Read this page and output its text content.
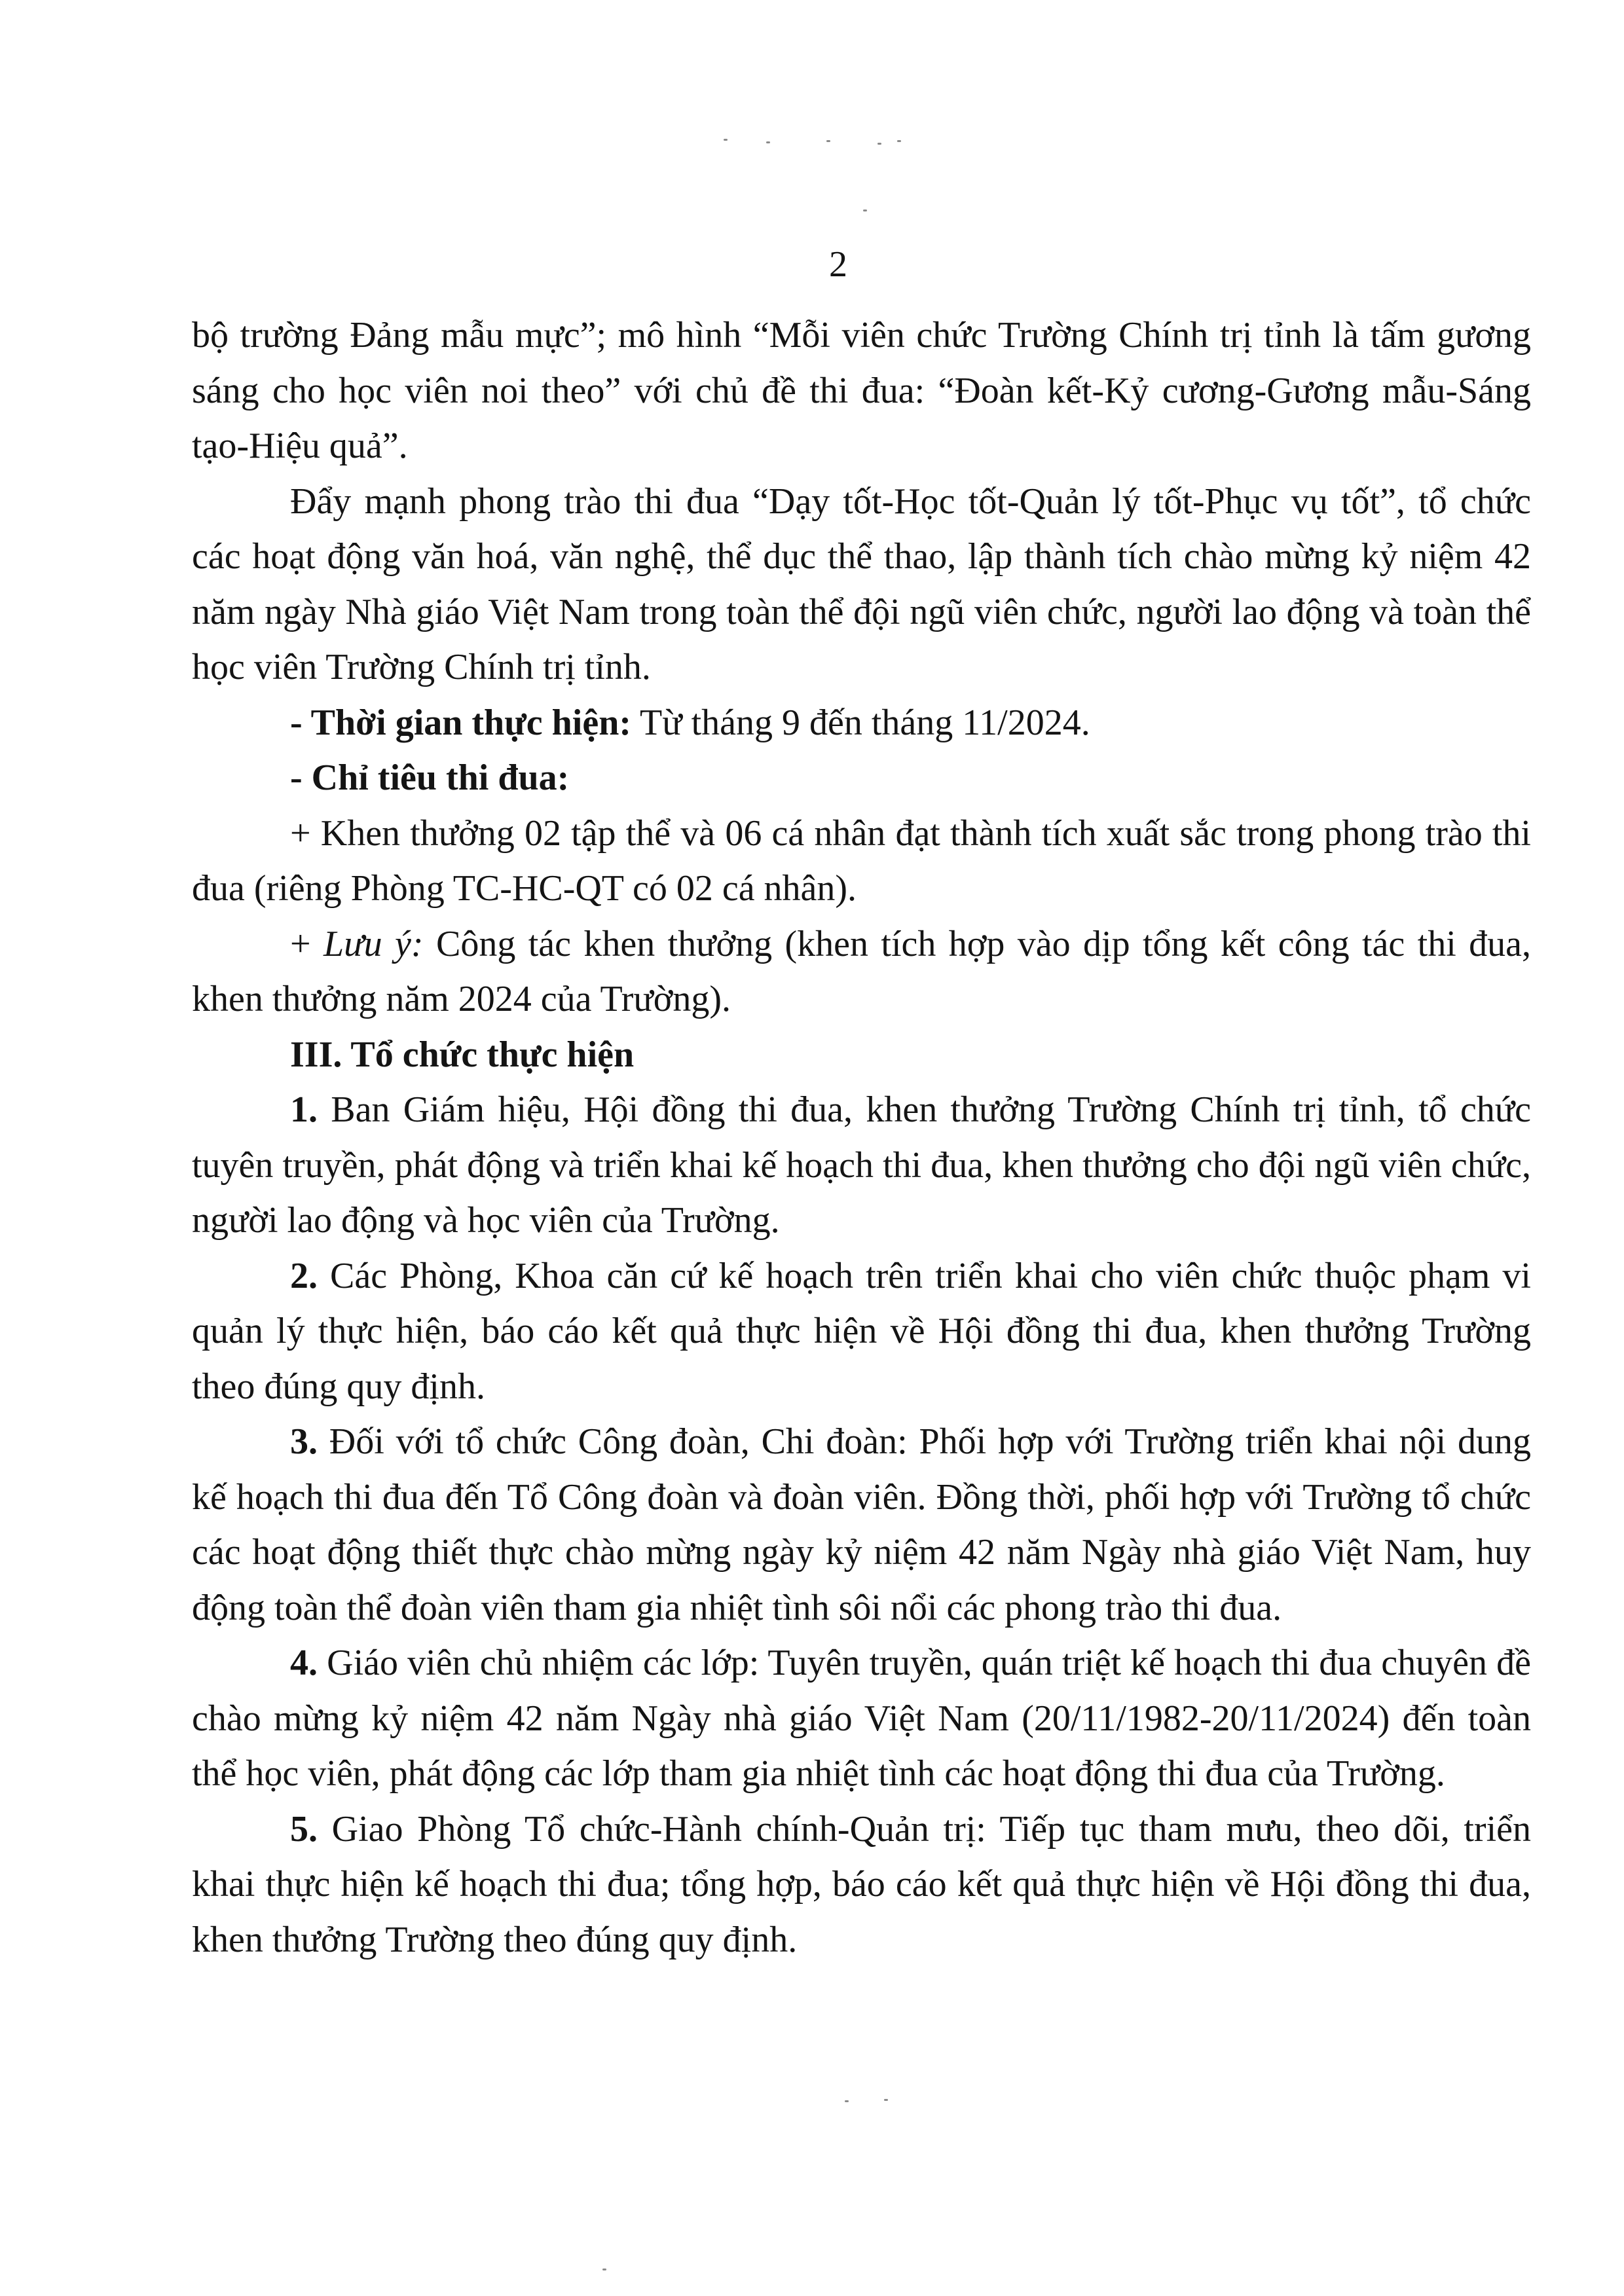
2

bộ trường Đảng mẫu mực”; mô hình “Mỗi viên chức Trường Chính trị tỉnh là tấm gương sáng cho học viên noi theo” với chủ đề thi đua: “Đoàn kết-Kỷ cương-Gương mẫu-Sáng tạo-Hiệu quả”.

Đẩy mạnh phong trào thi đua “Dạy tốt-Học tốt-Quản lý tốt-Phục vụ tốt”, tổ chức các hoạt động văn hoá, văn nghệ, thể dục thể thao, lập thành tích chào mừng kỷ niệm 42 năm ngày Nhà giáo Việt Nam trong toàn thể đội ngũ viên chức, người lao động và toàn thể học viên Trường Chính trị tỉnh.

- Thời gian thực hiện: Từ tháng 9 đến tháng 11/2024.

- Chỉ tiêu thi đua:

+ Khen thưởng 02 tập thể và 06 cá nhân đạt thành tích xuất sắc trong phong trào thi đua (riêng Phòng TC-HC-QT có 02 cá nhân).

+ Lưu ý: Công tác khen thưởng (khen tích hợp vào dịp tổng kết công tác thi đua, khen thưởng năm 2024 của Trường).

III. Tổ chức thực hiện

1. Ban Giám hiệu, Hội đồng thi đua, khen thưởng Trường Chính trị tỉnh, tổ chức tuyên truyền, phát động và triển khai kế hoạch thi đua, khen thưởng cho đội ngũ viên chức, người lao động và học viên của Trường.

2. Các Phòng, Khoa căn cứ kế hoạch trên triển khai cho viên chức thuộc phạm vi quản lý thực hiện, báo cáo kết quả thực hiện về Hội đồng thi đua, khen thưởng Trường theo đúng quy định.

3. Đối với tổ chức Công đoàn, Chi đoàn: Phối hợp với Trường triển khai nội dung kế hoạch thi đua đến Tổ Công đoàn và đoàn viên. Đồng thời, phối hợp với Trường tổ chức các hoạt động thiết thực chào mừng ngày kỷ niệm 42 năm Ngày nhà giáo Việt Nam, huy động toàn thể đoàn viên tham gia nhiệt tình sôi nổi các phong trào thi đua.

4. Giáo viên chủ nhiệm các lớp: Tuyên truyền, quán triệt kế hoạch thi đua chuyên đề chào mừng kỷ niệm 42 năm Ngày nhà giáo Việt Nam (20/11/1982-20/11/2024) đến toàn thể học viên, phát động các lớp tham gia nhiệt tình các hoạt động thi đua của Trường.

5. Giao Phòng Tổ chức-Hành chính-Quản trị: Tiếp tục tham mưu, theo dõi, triển khai thực hiện kế hoạch thi đua; tổng hợp, báo cáo kết quả thực hiện về Hội đồng thi đua, khen thưởng Trường theo đúng quy định.
